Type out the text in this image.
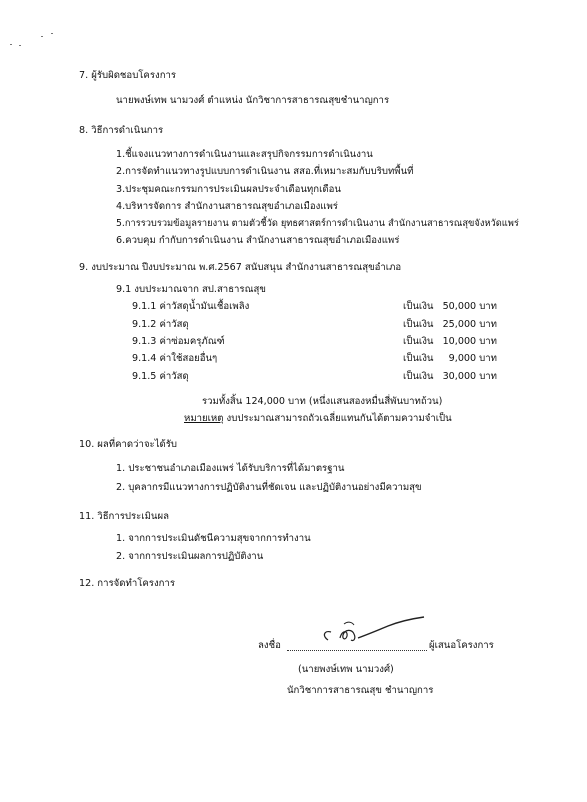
7. ผู้รับผิดชอบโครงการ
นายพงษ์เทพ นามวงศ์ ตำแหน่ง นักวิชาการสาธารณสุขชำนาญการ
8. วิธีการดำเนินการ
1.ชี้แจงแนวทางการดำเนินงานและสรุปกิจกรรมการดำเนินงาน
2.การจัดทำแนวทางรูปแบบการดำเนินงาน สสอ.ที่เหมาะสมกับบริบทพื้นที่
3.ประชุมคณะกรรมการประเมินผลประจำเดือนทุกเดือน
4.บริหารจัดการ สำนักงานสาธารณสุขอำเภอเมืองแพร่
5.การรวบรวมข้อมูลรายงาน ตามตัวชี้วัด ยุทธศาสตร์การดำเนินงาน สำนักงานสาธารณสุขจังหวัดแพร่
6.ควบคุม กำกับการดำเนินงาน สำนักงานสาธารณสุขอำเภอเมืองแพร่
9. งบประมาณ ปีงบประมาณ พ.ศ.2567 สนับสนุน สำนักงานสาธารณสุขอำเภอ
9.1 งบประมาณจาก สป.สาธารณสุข
9.1.1 ค่าวัสดุน้ำมันเชื้อเพลิง	เป็นเงิน 50,000 บาท
9.1.2 ค่าวัสดุ	เป็นเงิน 25,000 บาท
9.1.3 ค่าซ่อมครุภัณฑ์	เป็นเงิน 10,000 บาท
9.1.4 ค่าใช้สอยอื่นๆ	เป็นเงิน 9,000 บาท
9.1.5 ค่าวัสดุ	เป็นเงิน 30,000 บาท
รวมทั้งสิ้น 124,000 บาท (หนึ่งแสนสองหมื่นสี่พันบาทถ้วน)
หมายเหตุ งบประมาณสามารถถัวเฉลี่ยแทนกันได้ตามความจำเป็น
10. ผลที่คาดว่าจะได้รับ
1. ประชาชนอำเภอเมืองแพร่ ได้รับบริการที่ได้มาตรฐาน
2. บุคลากรมีแนวทางการปฏิบัติงานที่ชัดเจน และปฏิบัติงานอย่างมีความสุข
11. วิธีการประเมินผล
1. จากการประเมินดัชนีความสุขจากการทำงาน
2. จากการประเมินผลการปฏิบัติงาน
12. การจัดทำโครงการ
ลงชื่อ	ผู้เสนอโครงการ
(นายพงษ์เทพ นามวงศ์)
นักวิชาการสาธารณสุข ชำนาญการ
